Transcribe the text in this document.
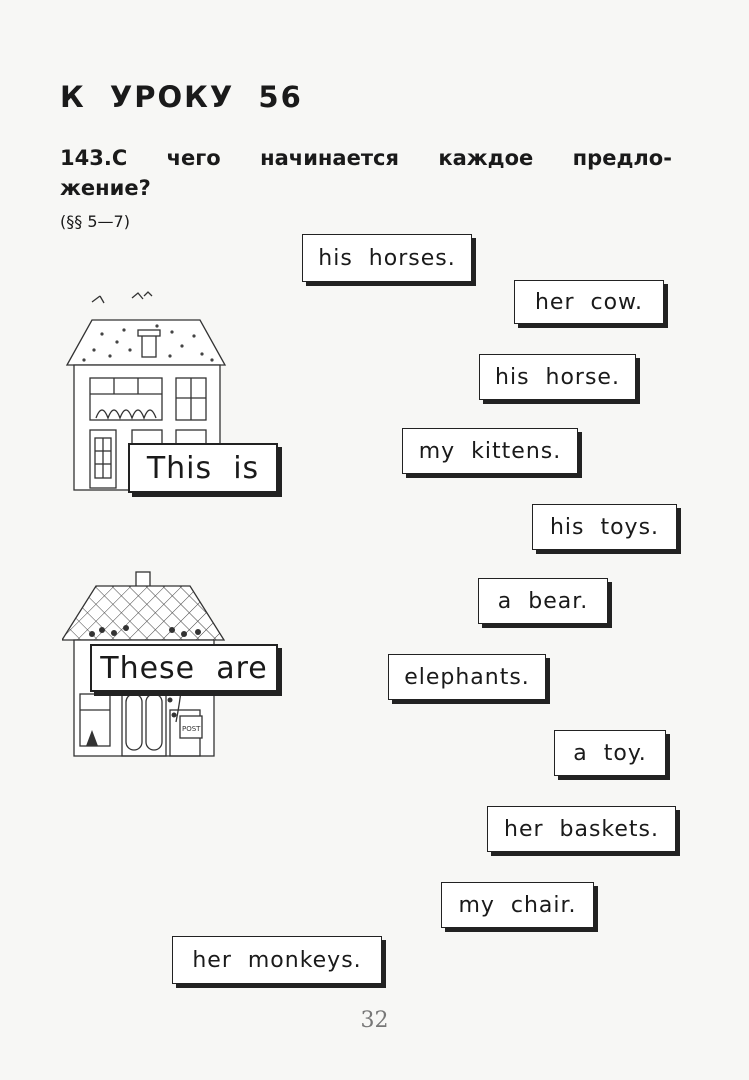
К  УРОКУ  56
143.С чего начинается каждое предло-
жение?
(§§ 5—7)
POST
This  is
These  are
his  horses.
her  cow.
his  horse.
my  kittens.
his  toys.
a  bear.
elephants.
a  toy.
her  baskets.
my  chair.
her  monkeys.
32
